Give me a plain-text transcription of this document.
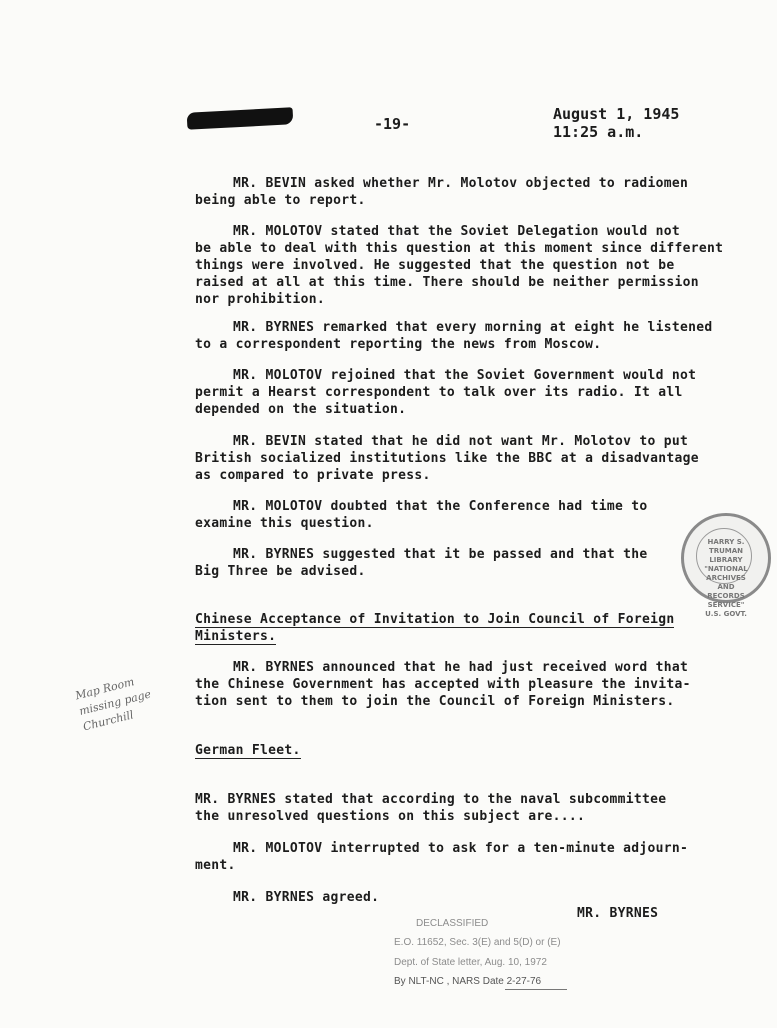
-19-
August 1, 1945
11:25 a.m.
MR. BEVIN asked whether Mr. Molotov objected to radiomen
being able to report.
MR. MOLOTOV stated that the Soviet Delegation would not
be able to deal with this question at this moment since different
things were involved. He suggested that the question not be
raised at all at this time. There should be neither permission
nor prohibition.
MR. BYRNES remarked that every morning at eight he listened
to a correspondent reporting the news from Moscow.
MR. MOLOTOV rejoined that the Soviet Government would not
permit a Hearst correspondent to talk over its radio. It all
depended on the situation.
MR. BEVIN stated that he did not want Mr. Molotov to put
British socialized institutions like the BBC at a disadvantage
as compared to private press.
MR. MOLOTOV doubted that the Conference had time to
examine this question.
MR. BYRNES suggested that it be passed and that the
Big Three be advised.
Chinese Acceptance of Invitation to Join Council of Foreign
Ministers.
MR. BYRNES announced that he had just received word that
the Chinese Government has accepted with pleasure the invita-
tion sent to them to join the Council of Foreign Ministers.
German Fleet.
MR. BYRNES stated that according to the naval subcommittee
the unresolved questions on this subject are....
MR. MOLOTOV interrupted to ask for a ten-minute adjourn-
ment.
MR. BYRNES agreed.
MR. BYRNES
Map Room
missing page
Churchill
HARRY S. TRUMAN LIBRARY "NATIONAL ARCHIVES AND RECORDS SERVICE" U.S. GOVT.
DECLASSIFIED
E.O. 11652, Sec. 3(E) and 5(D) or (E)
Dept. of State letter, Aug. 10, 1972
By NLT-NC , NARS Date 2-27-76
